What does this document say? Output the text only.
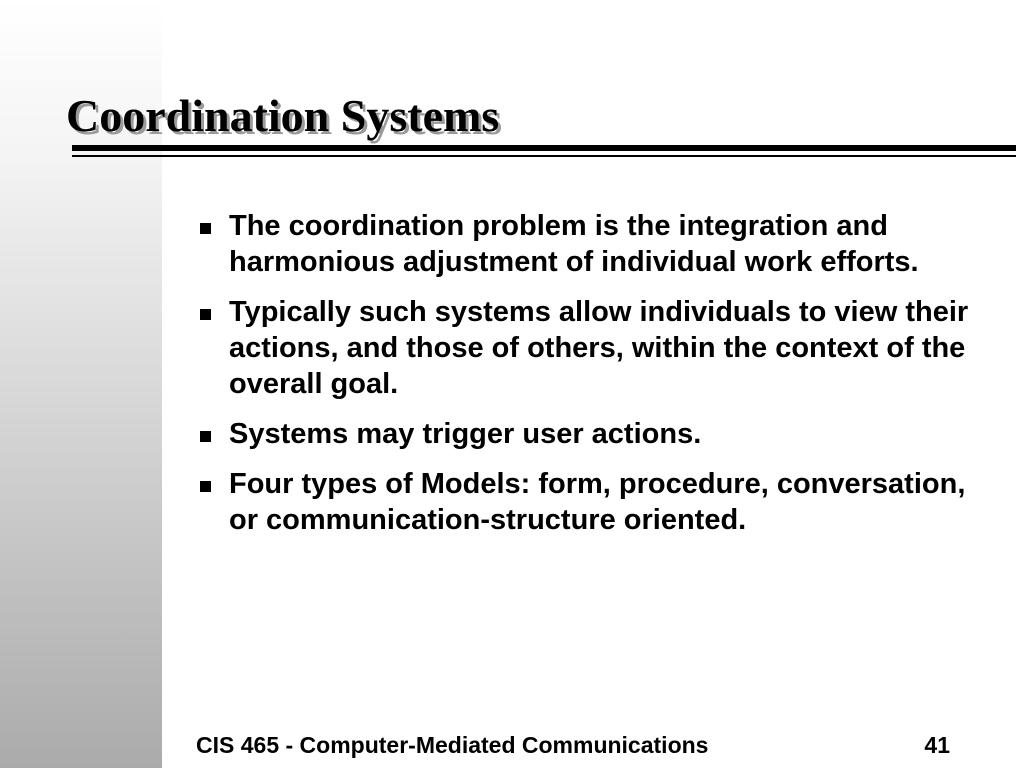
Coordination Systems
The coordination problem is the integration and harmonious adjustment of individual work efforts.
Typically such systems allow individuals to view their actions, and those of others, within the context of the overall goal.
Systems may trigger user actions.
Four types of Models: form, procedure, conversation, or communication-structure oriented.
CIS 465 - Computer-Mediated Communications	41
